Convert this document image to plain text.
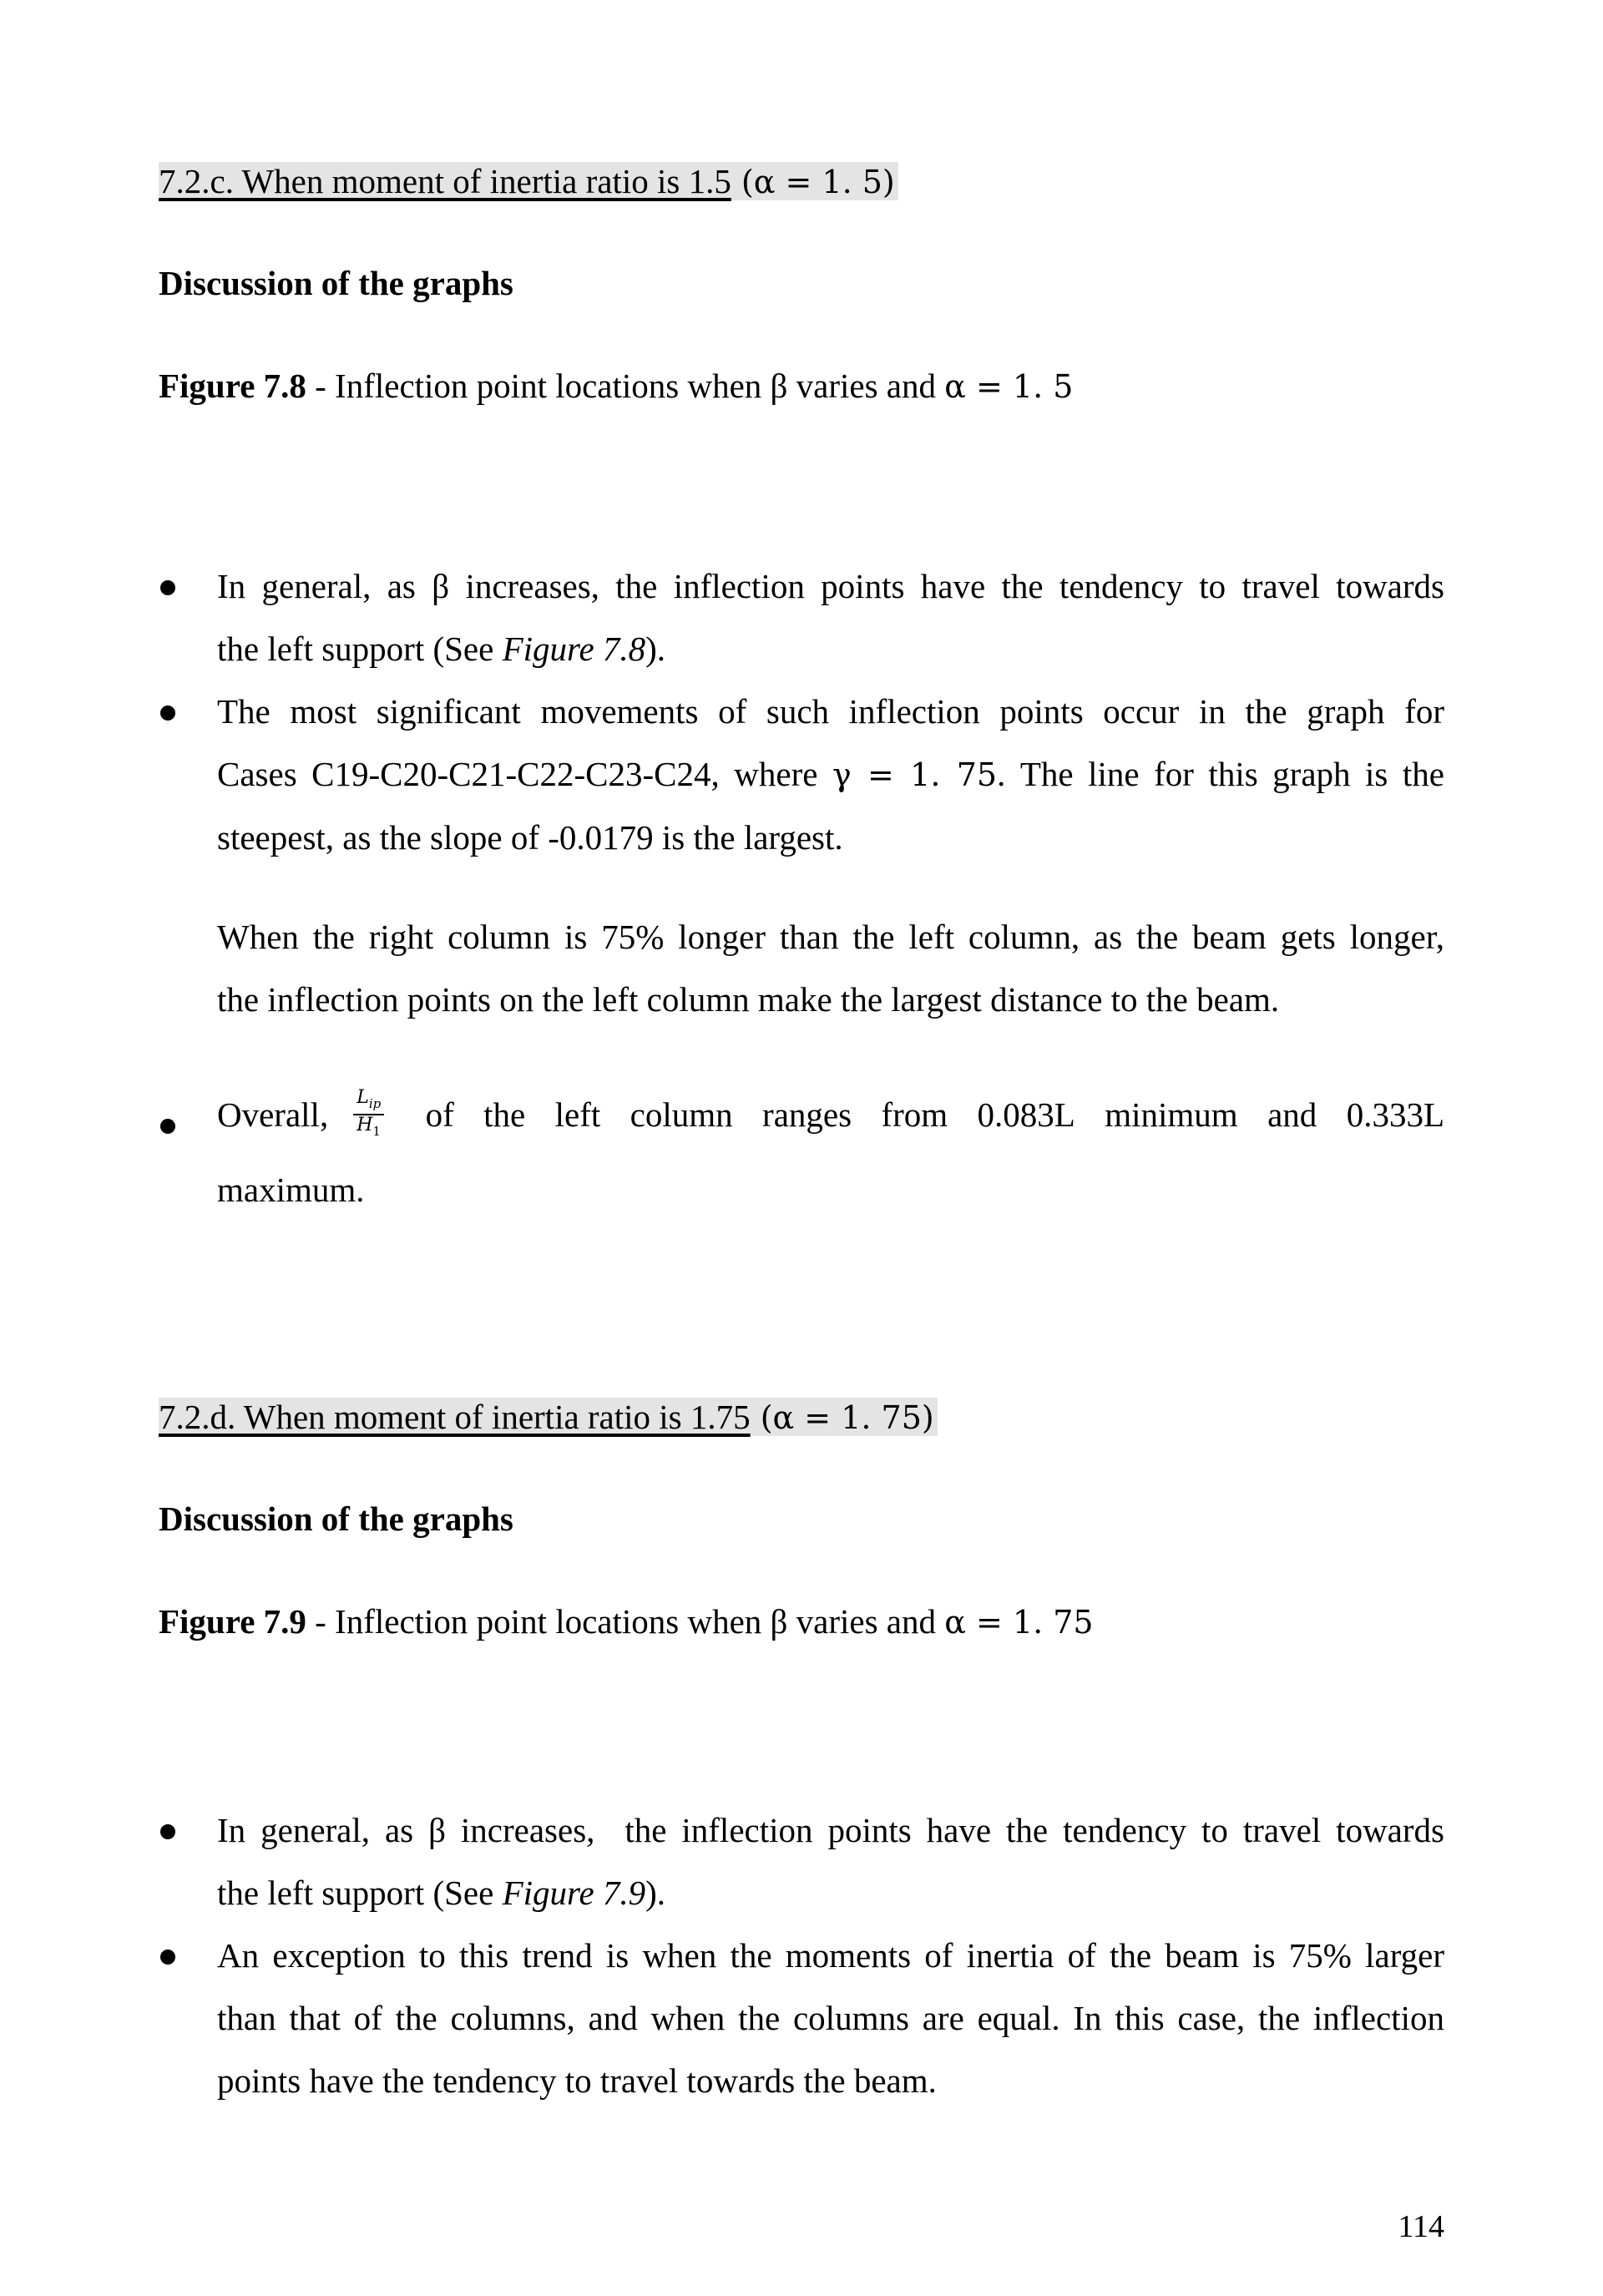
7.2.c. When moment of inertia ratio is 1.5 (α = 1. 5)
Discussion of the graphs
Figure 7.8 - Inflection point locations when β varies and α = 1. 5
In general, as β increases, the inflection points have the tendency to travel towards
the left support (See Figure 7.8).
The most significant movements of such inflection points occur in the graph for
Cases C19-C20-C21-C22-C23-C24, where γ = 1. 75. The line for this graph is the
steepest, as the slope of -0.0179 is the largest.
When the right column is 75% longer than the left column, as the beam gets longer,
the inflection points on the left column make the largest distance to the beam.
Overall, $\frac{L_{ip}}{H_1}$ of the left column ranges from 0.083L minimum and 0.333L
maximum.
7.2.d. When moment of inertia ratio is 1.75 (α = 1. 75)
Discussion of the graphs
Figure 7.9 - Inflection point locations when β varies and α = 1. 75
In general, as β increases,  the inflection points have the tendency to travel towards
the left support (See Figure 7.9).
An exception to this trend is when the moments of inertia of the beam is 75% larger
than that of the columns, and when the columns are equal. In this case, the inflection
points have the tendency to travel towards the beam.
114
